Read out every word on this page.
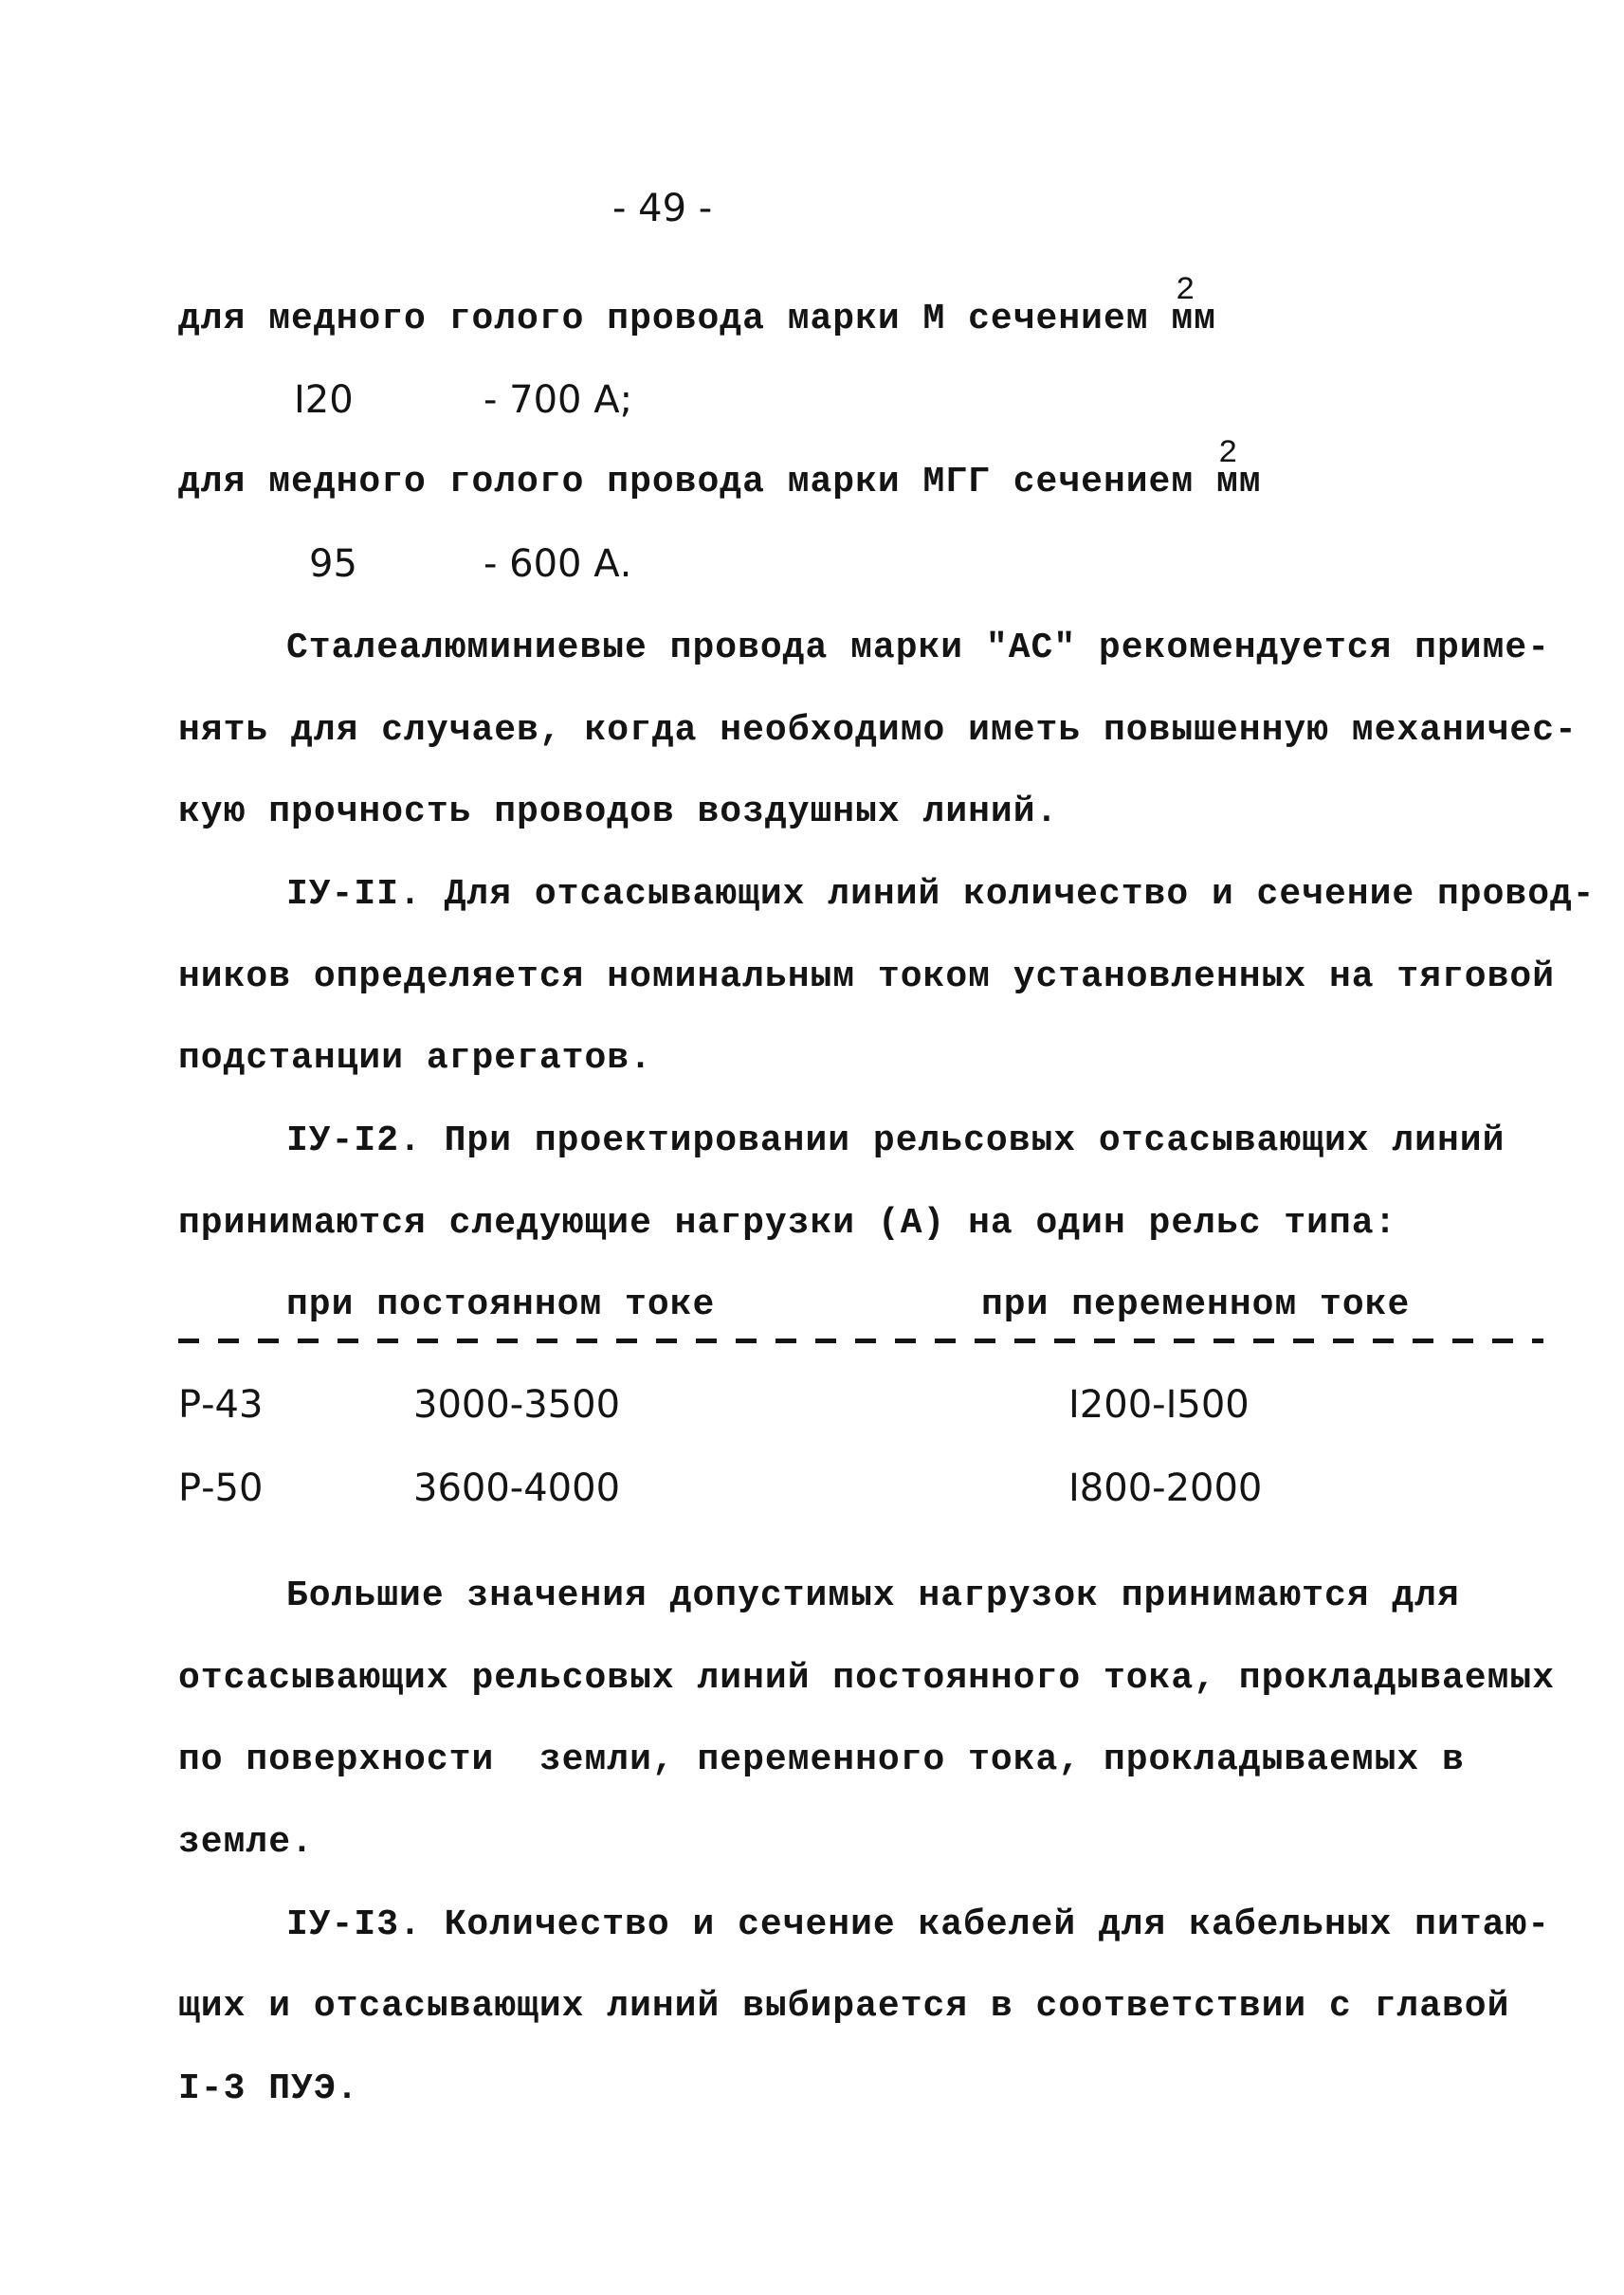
- 49 -
для медного голого провода марки М сечением мм
2
I20	- 700 А;
для медного голого провода марки МГГ сечением мм
2
95	- 600 А.
Сталеалюминиевые провода марки "АС" рекомендуется приме-
нять для случаев, когда необходимо иметь повышенную механичес-
кую прочность проводов воздушных линий.
IУ-II. Для отсасывающих линий количество и сечение провод-
ников определяется номинальным током установленных на тяговой
подстанции агрегатов.
IУ-I2. При проектировании рельсовых отсасывающих линий
принимаются следующие нагрузки (А) на один рельс типа:
при постоянном токе	при переменном токе
Р-43	3000-3500	I200-I500
Р-50	3600-4000	I800-2000
Большие значения допустимых нагрузок принимаются для
отсасывающих рельсовых линий постоянного тока, прокладываемых
по поверхности  земли, переменного тока, прокладываемых в
земле.
IУ-I3. Количество и сечение кабелей для кабельных питаю-
щих и отсасывающих линий выбирается в соответствии с главой
I-3 ПУЭ.
